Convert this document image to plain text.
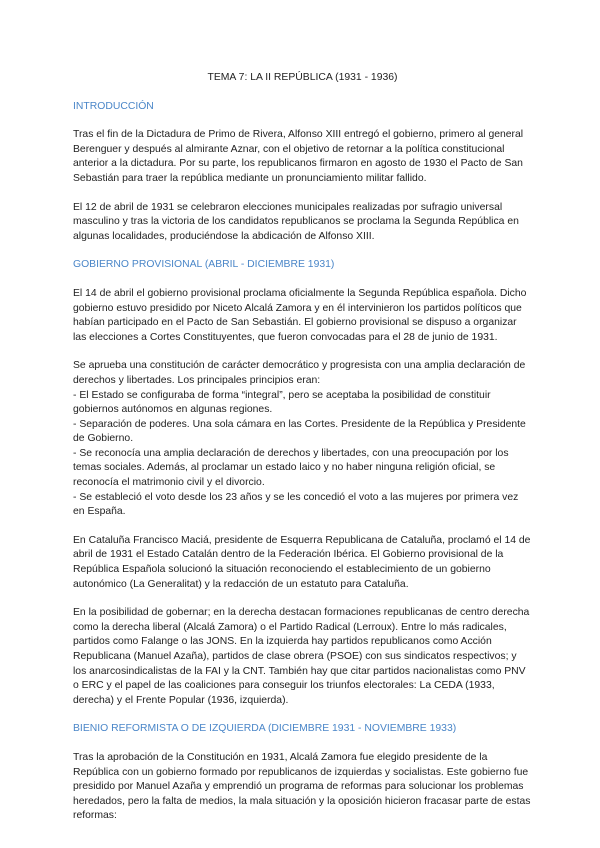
TEMA 7: LA II REPÚBLICA (1931 - 1936)

INTRODUCCIÓN

Tras el fin de la Dictadura de Primo de Rivera, Alfonso XIII entregó el gobierno, primero al general Berenguer y después al almirante Aznar, con el objetivo de retornar a la política constitucional anterior a la dictadura. Por su parte, los republicanos firmaron en agosto de 1930 el Pacto de San Sebastián para traer la república mediante un pronunciamiento militar fallido.

El 12 de abril de 1931 se celebraron elecciones municipales realizadas por sufragio universal masculino y tras la victoria de los candidatos republicanos se proclama la Segunda República en algunas localidades, produciéndose la abdicación de Alfonso XIII.

GOBIERNO PROVISIONAL (ABRIL - DICIEMBRE 1931)

El 14 de abril el gobierno provisional proclama oficialmente la Segunda República española. Dicho gobierno estuvo presidido por Niceto Alcalá Zamora y en él intervinieron los partidos políticos que habían participado en el Pacto de San Sebastián. El gobierno provisional se dispuso a organizar las elecciones a Cortes Constituyentes, que fueron convocadas para el 28 de junio de 1931.

Se aprueba una constitución de carácter democrático y progresista con una amplia declaración de derechos y libertades. Los principales principios eran:

- El Estado se configuraba de forma “integral”, pero se aceptaba la posibilidad de constituir gobiernos autónomos en algunas regiones.

- Separación de poderes. Una sola cámara en las Cortes. Presidente de la República y Presidente de Gobierno.

- Se reconocía una amplia declaración de derechos y libertades, con una preocupación por los temas sociales. Además, al proclamar un estado laico y no haber ninguna religión oficial, se reconocía el matrimonio civil y el divorcio.

- Se estableció el voto desde los 23 años y se les concedió el voto a las mujeres por primera vez en España.

En Cataluña Francisco Maciá, presidente de Esquerra Republicana de Cataluña, proclamó el 14 de abril de 1931 el Estado Catalán dentro de la Federación Ibérica. El Gobierno provisional de la República Española solucionó la situación reconociendo el establecimiento de un gobierno autonómico (La Generalitat) y la redacción de un estatuto para Cataluña.

En la posibilidad de gobernar; en la derecha destacan formaciones republicanas de centro derecha como la derecha liberal (Alcalá Zamora) o el Partido Radical (Lerroux). Entre lo más radicales, partidos como Falange o las JONS. En la izquierda hay partidos republicanos como Acción Republicana (Manuel Azaña), partidos de clase obrera (PSOE) con sus sindicatos respectivos; y los anarcosindicalistas de la FAI y la CNT. También hay que citar partidos nacionalistas como PNV o ERC y el papel de las coaliciones para conseguir los triunfos electorales: La CEDA (1933, derecha) y el Frente Popular (1936, izquierda).

BIENIO REFORMISTA O DE IZQUIERDA (DICIEMBRE 1931 - NOVIEMBRE 1933)

Tras la aprobación de la Constitución en 1931, Alcalá Zamora fue elegido presidente de la República con un gobierno formado por republicanos de izquierdas y socialistas. Este gobierno fue presidido por Manuel Azaña y emprendió un programa de reformas para solucionar los problemas heredados, pero la falta de medios, la mala situación y la oposición hicieron fracasar parte de estas reformas:
